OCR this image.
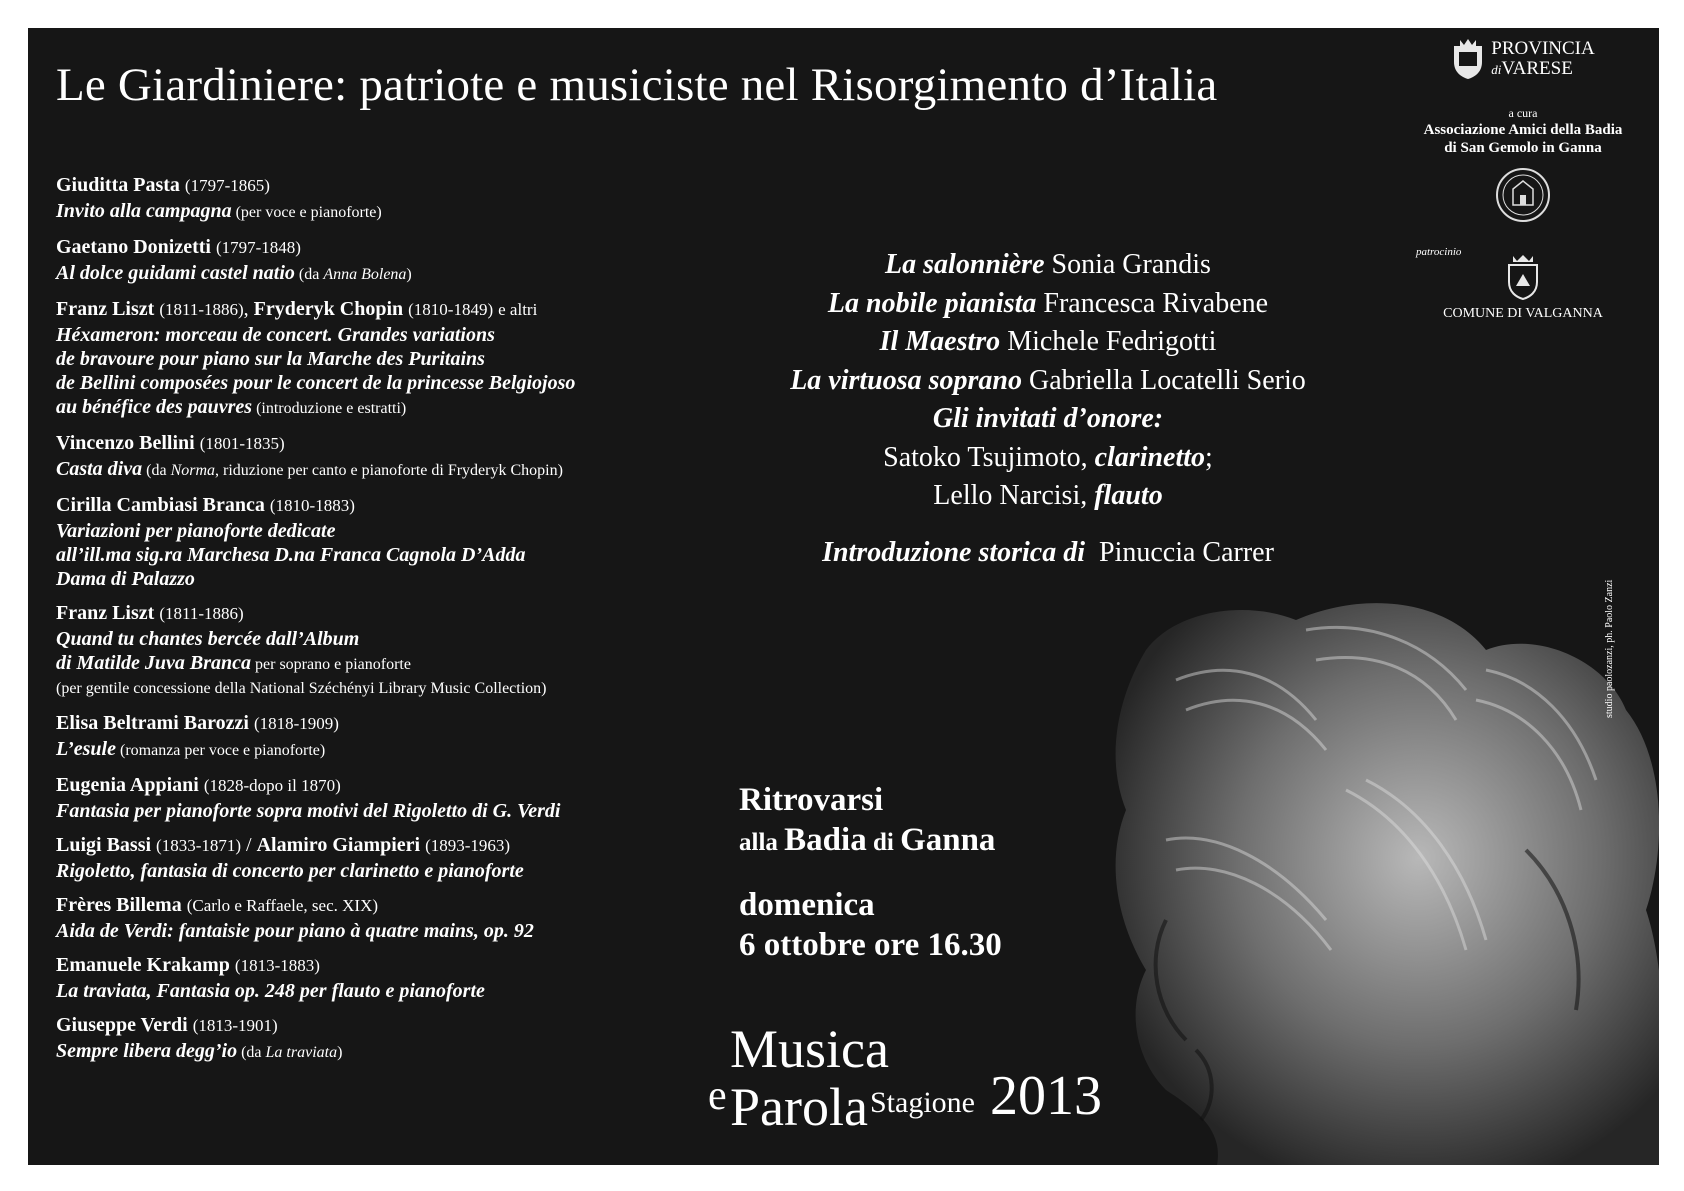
Le Giardiniere: patriote e musiciste nel Risorgimento d’Italia
Giuditta Pasta (1797-1865)
Invito alla campagna (per voce e pianoforte)
Gaetano Donizetti (1797-1848)
Al dolce guidami castel natio (da Anna Bolena)
Franz Liszt (1811-1886), Fryderyk Chopin (1810-1849) e altri
Héxameron: morceau de concert. Grandes variations
de bravoure pour piano sur la Marche des Puritains
de Bellini composées pour le concert de la princesse Belgiojoso
au bénéfice des pauvres (introduzione e estratti)
Vincenzo Bellini (1801-1835)
Casta diva (da Norma, riduzione per canto e pianoforte di Fryderyk Chopin)
Cirilla Cambiasi Branca (1810-1883)
Variazioni per pianoforte dedicate
all’ill.ma sig.ra Marchesa D.na Franca Cagnola D’Adda
Dama di Palazzo
Franz Liszt (1811-1886)
Quand tu chantes bercée dall’Album
di Matilde Juva Branca per soprano e pianoforte
(per gentile concessione della National Széchényi Library Music Collection)
Elisa Beltrami Barozzi (1818-1909)
L’esule (romanza per voce e pianoforte)
Eugenia Appiani (1828-dopo il 1870)
Fantasia per pianoforte sopra motivi del Rigoletto di G. Verdi
Luigi Bassi (1833-1871) / Alamiro Giampieri (1893-1963)
Rigoletto, fantasia di concerto per clarinetto e pianoforte
Frères Billema (Carlo e Raffaele, sec. XIX)
Aida de Verdi: fantaisie pour piano à quatre mains, op. 92
Emanuele Krakamp (1813-1883)
La traviata, Fantasia op. 248 per flauto e pianoforte
Giuseppe Verdi (1813-1901)
Sempre libera degg’io (da La traviata)
La salonnière Sonia Grandis
La nobile pianista Francesca Rivabene
Il Maestro Michele Fedrigotti
La virtuosa soprano Gabriella Locatelli Serio
Gli invitati d’onore:
Satoko Tsujimoto, clarinetto;
Lello Narcisi, flauto
Introduzione storica di  Pinuccia Carrer
Ritrovarsi
alla Badia di Ganna
domenica
6 ottobre ore 16.30
e
Musica
Parola Stagione 2013
PROVINCIA
diVARESE
a cura
Associazione Amici della Badia
di San Gemolo in Ganna
patrocinio
COMUNE DI VALGANNA
studio paolozanzi, ph. Paolo Zanzi
